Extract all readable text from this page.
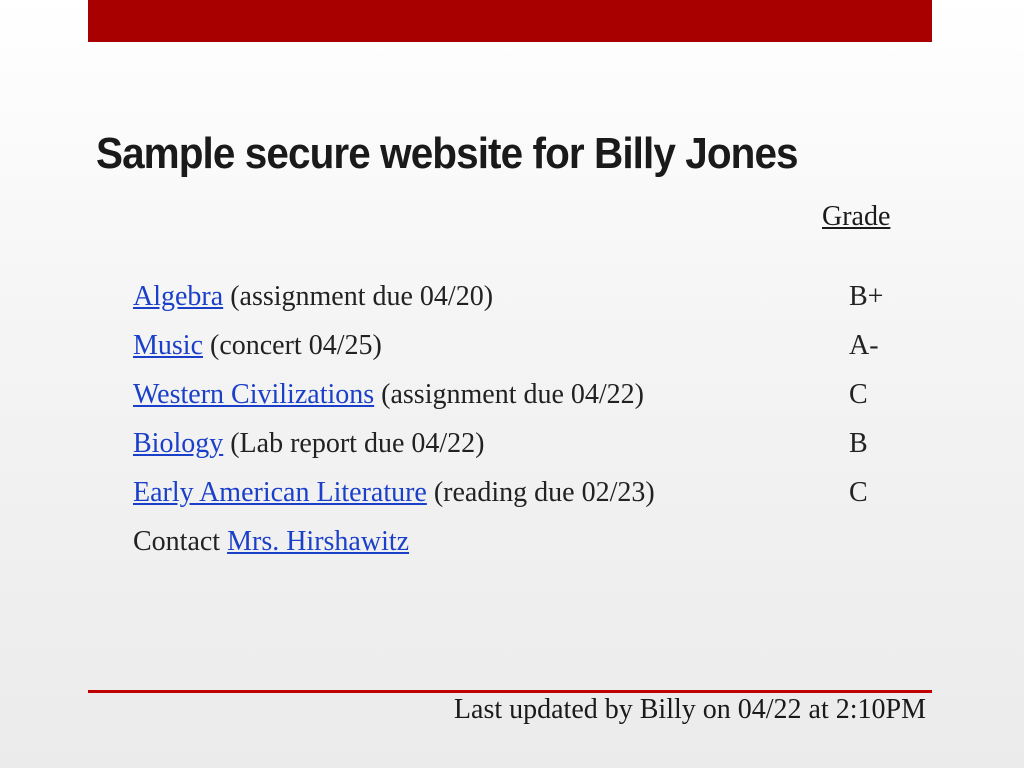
Sample secure website for Billy Jones
Grade
Algebra (assignment due 04/20)	B+
Music (concert 04/25)	A-
Western Civilizations (assignment due 04/22)	C
Biology (Lab report due 04/22)	B
Early American Literature (reading due 02/23)	C
Contact Mrs. Hirshawitz
Last updated by Billy on 04/22 at 2:10PM
